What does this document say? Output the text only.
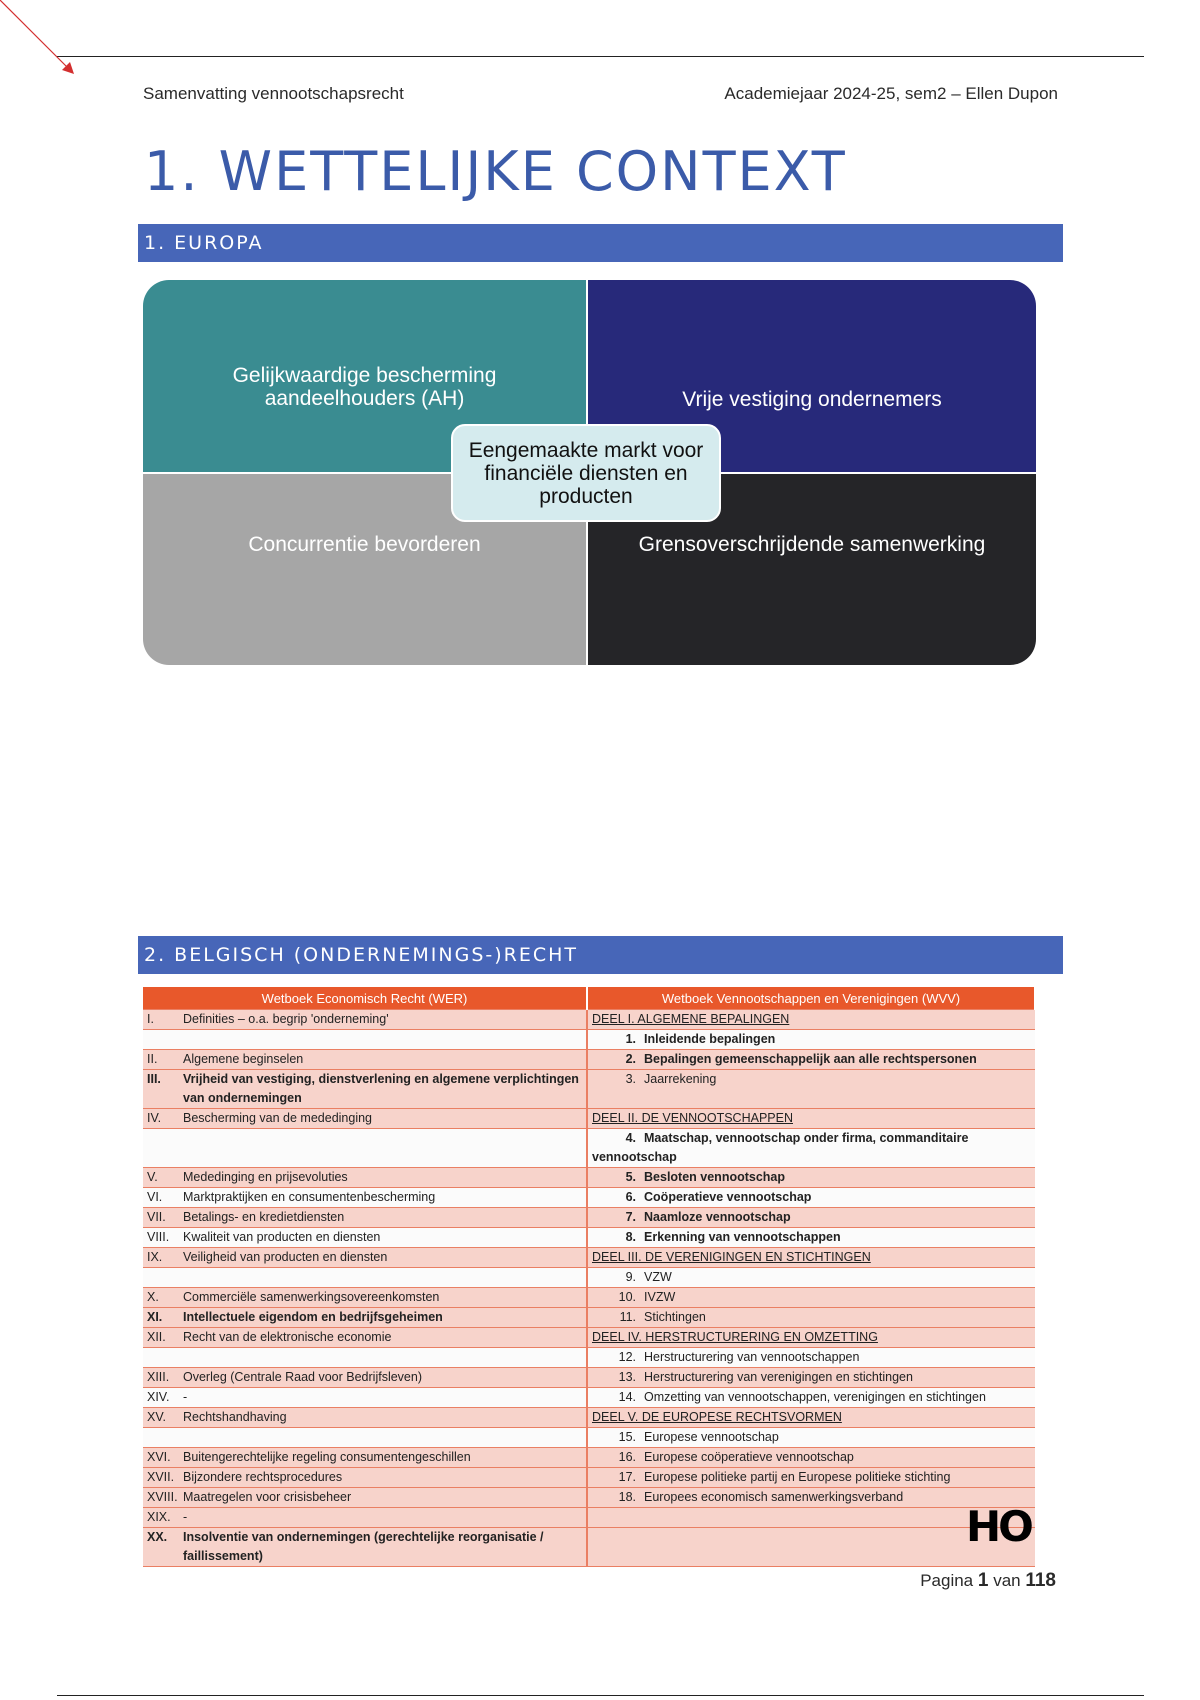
Samenvatting vennootschapsrecht	Academiejaar 2024-25, sem2 – Ellen Dupon
1. WETTELIJKE CONTEXT
1. EUROPA
Gelijkwaardige bescherming aandeelhouders (AH)	Vrije vestiging ondernemers
Concurrentie bevorderen	Grensoverschrijdende samenwerking
Eengemaakte markt voor financiële diensten en producten
2. BELGISCH (ONDERNEMINGS-)RECHT
Wetboek Economisch Recht (WER)		Wetboek Vennootschappen en Verenigingen (WVV)
I.	Definities – o.a. begrip 'onderneming'	DEEL I. ALGEMENE BEPALINGEN
		1. Inleidende bepalingen
II.	Algemene beginselen	2. Bepalingen gemeenschappelijk aan alle rechtspersonen
III.	Vrijheid van vestiging, dienstverlening en algemene verplichtingen van ondernemingen	3. Jaarrekening
IV.	Bescherming van de mededinging	DEEL II. DE VENNOOTSCHAPPEN
		4. Maatschap, vennootschap onder firma, commanditaire vennootschap
V.	Mededinging en prijsevoluties	5. Besloten vennootschap
VI.	Marktpraktijken en consumentenbescherming	6. Coöperatieve vennootschap
VII.	Betalings- en kredietdiensten	7. Naamloze vennootschap
VIII.	Kwaliteit van producten en diensten	8. Erkenning van vennootschappen
IX.	Veiligheid van producten en diensten	DEEL III. DE VERENIGINGEN EN STICHTINGEN
		9. VZW
X.	Commerciële samenwerkingsovereenkomsten	10. IVZW
XI.	Intellectuele eigendom en bedrijfsgeheimen	11. Stichtingen
XII.	Recht van de elektronische economie	DEEL IV. HERSTRUCTURERING EN OMZETTING
		12. Herstructurering van vennootschappen
XIII.	Overleg (Centrale Raad voor Bedrijfsleven)	13. Herstructurering van verenigingen en stichtingen
XIV.	-	14. Omzetting van vennootschappen, verenigingen en stichtingen
XV.	Rechtshandhaving	DEEL V. DE EUROPESE RECHTSVORMEN
		15. Europese vennootschap
XVI.	Buitengerechtelijke regeling consumentengeschillen	16. Europese coöperatieve vennootschap
XVII.	Bijzondere rechtsprocedures	17. Europese politieke partij en Europese politieke stichting
XVIII.	Maatregelen voor crisisbeheer	18. Europees economisch samenwerkingsverband
XIX.	-	
XX.	Insolventie van ondernemingen (gerechtelijke reorganisatie / faillissement)	
HO
Pagina 1 van 118
